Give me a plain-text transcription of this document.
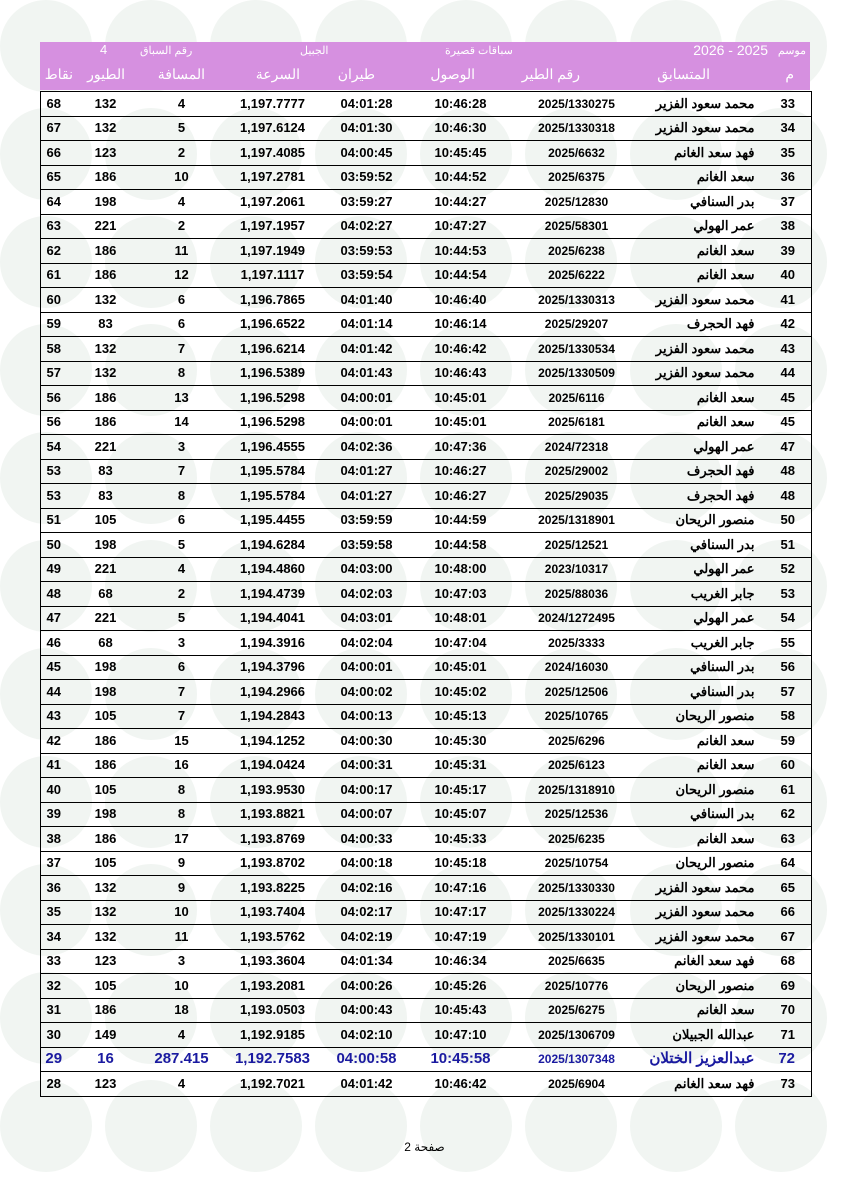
موسم
2026 - 2025
سباقات قصيرة
الجبيل
رقم السباق
4
م
المتسابق
رقم الطير
الوصول
طيران
السرعة
المسافة
الطيور
نقاط
68	132	4	1,197.7777	04:01:28	10:46:28	2025/1330275	محمد سعود الفزير	33
67	132	5	1,197.6124	04:01:30	10:46:30	2025/1330318	محمد سعود الفزير	34
66	123	2	1,197.4085	04:00:45	10:45:45	2025/6632	فهد سعد الغانم	35
65	186	10	1,197.2781	03:59:52	10:44:52	2025/6375	سعد الغانم	36
64	198	4	1,197.2061	03:59:27	10:44:27	2025/12830	بدر السنافي	37
63	221	2	1,197.1957	04:02:27	10:47:27	2025/58301	عمر الهولي	38
62	186	11	1,197.1949	03:59:53	10:44:53	2025/6238	سعد الغانم	39
61	186	12	1,197.1117	03:59:54	10:44:54	2025/6222	سعد الغانم	40
60	132	6	1,196.7865	04:01:40	10:46:40	2025/1330313	محمد سعود الفزير	41
59	83	6	1,196.6522	04:01:14	10:46:14	2025/29207	فهد الحجرف	42
58	132	7	1,196.6214	04:01:42	10:46:42	2025/1330534	محمد سعود الفزير	43
57	132	8	1,196.5389	04:01:43	10:46:43	2025/1330509	محمد سعود الفزير	44
56	186	13	1,196.5298	04:00:01	10:45:01	2025/6116	سعد الغانم	45
56	186	14	1,196.5298	04:00:01	10:45:01	2025/6181	سعد الغانم	45
54	221	3	1,196.4555	04:02:36	10:47:36	2024/72318	عمر الهولي	47
53	83	7	1,195.5784	04:01:27	10:46:27	2025/29002	فهد الحجرف	48
53	83	8	1,195.5784	04:01:27	10:46:27	2025/29035	فهد الحجرف	48
51	105	6	1,195.4455	03:59:59	10:44:59	2025/1318901	منصور الريحان	50
50	198	5	1,194.6284	03:59:58	10:44:58	2025/12521	بدر السنافي	51
49	221	4	1,194.4860	04:03:00	10:48:00	2023/10317	عمر الهولي	52
48	68	2	1,194.4739	04:02:03	10:47:03	2025/88036	جابر الغريب	53
47	221	5	1,194.4041	04:03:01	10:48:01	2024/1272495	عمر الهولي	54
46	68	3	1,194.3916	04:02:04	10:47:04	2025/3333	جابر الغريب	55
45	198	6	1,194.3796	04:00:01	10:45:01	2024/16030	بدر السنافي	56
44	198	7	1,194.2966	04:00:02	10:45:02	2025/12506	بدر السنافي	57
43	105	7	1,194.2843	04:00:13	10:45:13	2025/10765	منصور الريحان	58
42	186	15	1,194.1252	04:00:30	10:45:30	2025/6296	سعد الغانم	59
41	186	16	1,194.0424	04:00:31	10:45:31	2025/6123	سعد الغانم	60
40	105	8	1,193.9530	04:00:17	10:45:17	2025/1318910	منصور الريحان	61
39	198	8	1,193.8821	04:00:07	10:45:07	2025/12536	بدر السنافي	62
38	186	17	1,193.8769	04:00:33	10:45:33	2025/6235	سعد الغانم	63
37	105	9	1,193.8702	04:00:18	10:45:18	2025/10754	منصور الريحان	64
36	132	9	1,193.8225	04:02:16	10:47:16	2025/1330330	محمد سعود الفزير	65
35	132	10	1,193.7404	04:02:17	10:47:17	2025/1330224	محمد سعود الفزير	66
34	132	11	1,193.5762	04:02:19	10:47:19	2025/1330101	محمد سعود الفزير	67
33	123	3	1,193.3604	04:01:34	10:46:34	2025/6635	فهد سعد الغانم	68
32	105	10	1,193.2081	04:00:26	10:45:26	2025/10776	منصور الريحان	69
31	186	18	1,193.0503	04:00:43	10:45:43	2025/6275	سعد الغانم	70
30	149	4	1,192.9185	04:02:10	10:47:10	2025/1306709	عبدالله الجبيلان	71
29	16	287.415	1,192.7583	04:00:58	10:45:58	2025/1307348	عبدالعزيز الختلان	72
28	123	4	1,192.7021	04:01:42	10:46:42	2025/6904	فهد سعد الغانم	73
صفحة 2
